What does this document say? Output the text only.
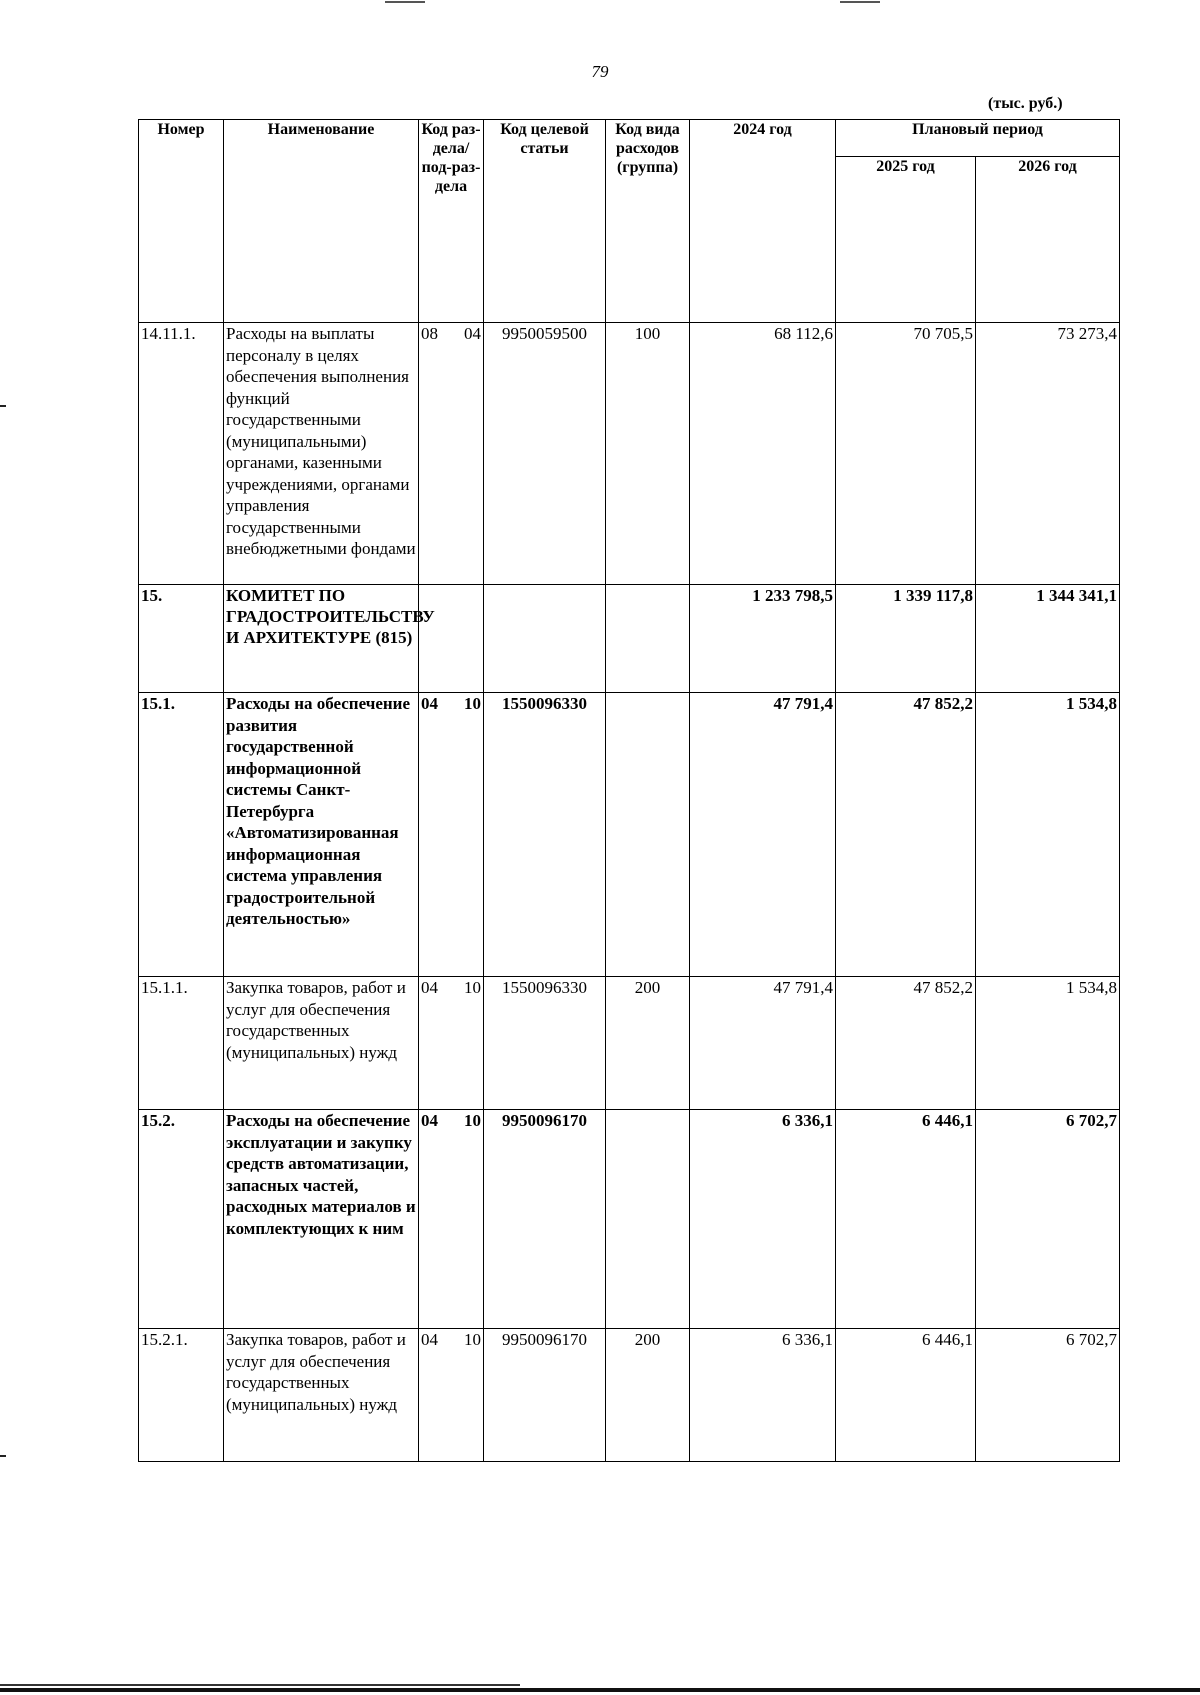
79
(тыс. руб.)
Номер	Наименование	Код раз-дела/ под-раз-дела	Код целевой статьи	Код вида расходов (группа)	2024 год	Плановый период	
						2025 год	2026 год
14.11.1.	Расходы на выплаты персоналу в целях обеспечения выполнения функций государственными (муниципальными) органами, казенными учреждениями, органами управления государственными внебюджетными фондами	08 04	9950059500	100	68 112,6	70 705,5	73 273,4
15.	КОМИТЕТ ПО ГРАДОСТРОИТЕЛЬСТВУ И АРХИТЕКТУРЕ (815)				1 233 798,5	1 339 117,8	1 344 341,1
15.1.	Расходы на обеспечение развития государственной информационной системы Санкт-Петербурга «Автоматизированная информационная система управления градостроительной деятельностью»	04 10	1550096330		47 791,4	47 852,2	1 534,8
15.1.1.	Закупка товаров, работ и услуг для обеспечения государственных (муниципальных) нужд	04 10	1550096330	200	47 791,4	47 852,2	1 534,8
15.2.	Расходы на обеспечение эксплуатации и закупку средств автоматизации, запасных частей, расходных материалов и комплектующих к ним	04 10	9950096170		6 336,1	6 446,1	6 702,7
15.2.1.	Закупка товаров, работ и услуг для обеспечения государственных (муниципальных) нужд	04 10	9950096170	200	6 336,1	6 446,1	6 702,7
